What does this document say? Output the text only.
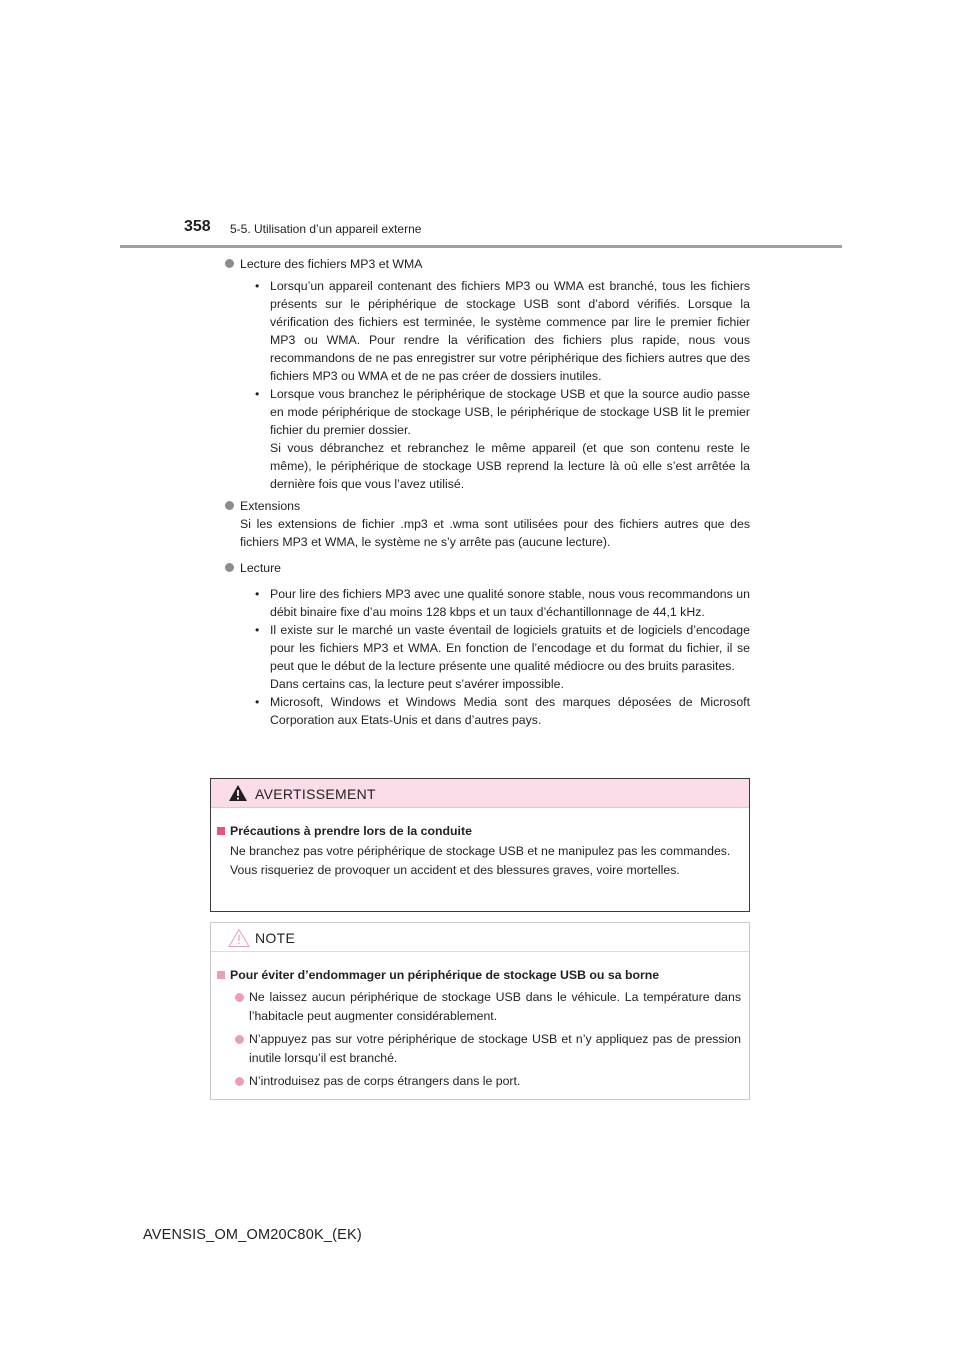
358 5-5. Utilisation d’un appareil externe
Lecture des fichiers MP3 et WMA
• Lorsqu’un appareil contenant des fichiers MP3 ou WMA est branché, tous les fichiers présents sur le périphérique de stockage USB sont d’abord vérifiés. Lorsque la vérification des fichiers est terminée, le système commence par lire le premier fichier MP3 ou WMA. Pour rendre la vérification des fichiers plus rapide, nous vous recommandons de ne pas enregistrer sur votre périphérique des fichiers autres que des fichiers MP3 ou WMA et de ne pas créer de dossiers inutiles.

• Lorsque vous branchez le périphérique de stockage USB et que la source audio passe en mode périphérique de stockage USB, le périphérique de stockage USB lit le premier fichier du premier dossier.

Si vous débranchez et rebranchez le même appareil (et que son contenu reste le même), le périphérique de stockage USB reprend la lecture là où elle s’est arrêtée la dernière fois que vous l’avez utilisé.

Extensions
Si les extensions de fichier .mp3 et .wma sont utilisées pour des fichiers autres que des fichiers MP3 et WMA, le système ne s’y arrête pas (aucune lecture).
Lecture
• Pour lire des fichiers MP3 avec une qualité sonore stable, nous vous recommandons un débit binaire fixe d’au moins 128 kbps et un taux d’échantillonnage de 44,1 kHz.

• Il existe sur le marché un vaste éventail de logiciels gratuits et de logiciels d’encodage pour les fichiers MP3 et WMA. En fonction de l’encodage et du format du fichier, il se peut que le début de la lecture présente une qualité médiocre ou des bruits parasites.

Dans certains cas, la lecture peut s’avérer impossible.

• Microsoft, Windows et Windows Media sont des marques déposées de Microsoft Corporation aux Etats-Unis et dans d’autres pays.

AVERTISSEMENT
Précautions à prendre lors de la conduite
Ne branchez pas votre périphérique de stockage USB et ne manipulez pas les commandes.
Vous risqueriez de provoquer un accident et des blessures graves, voire mortelles.
NOTE
Pour éviter d’endommager un périphérique de stockage USB ou sa borne
Ne laissez aucun périphérique de stockage USB dans le véhicule. La température dans l’habitacle peut augmenter considérablement.
N’appuyez pas sur votre périphérique de stockage USB et n’y appliquez pas de pression inutile lorsqu’il est branché.
N’introduisez pas de corps étrangers dans le port.
AVENSIS_OM_OM20C80K_(EK)
